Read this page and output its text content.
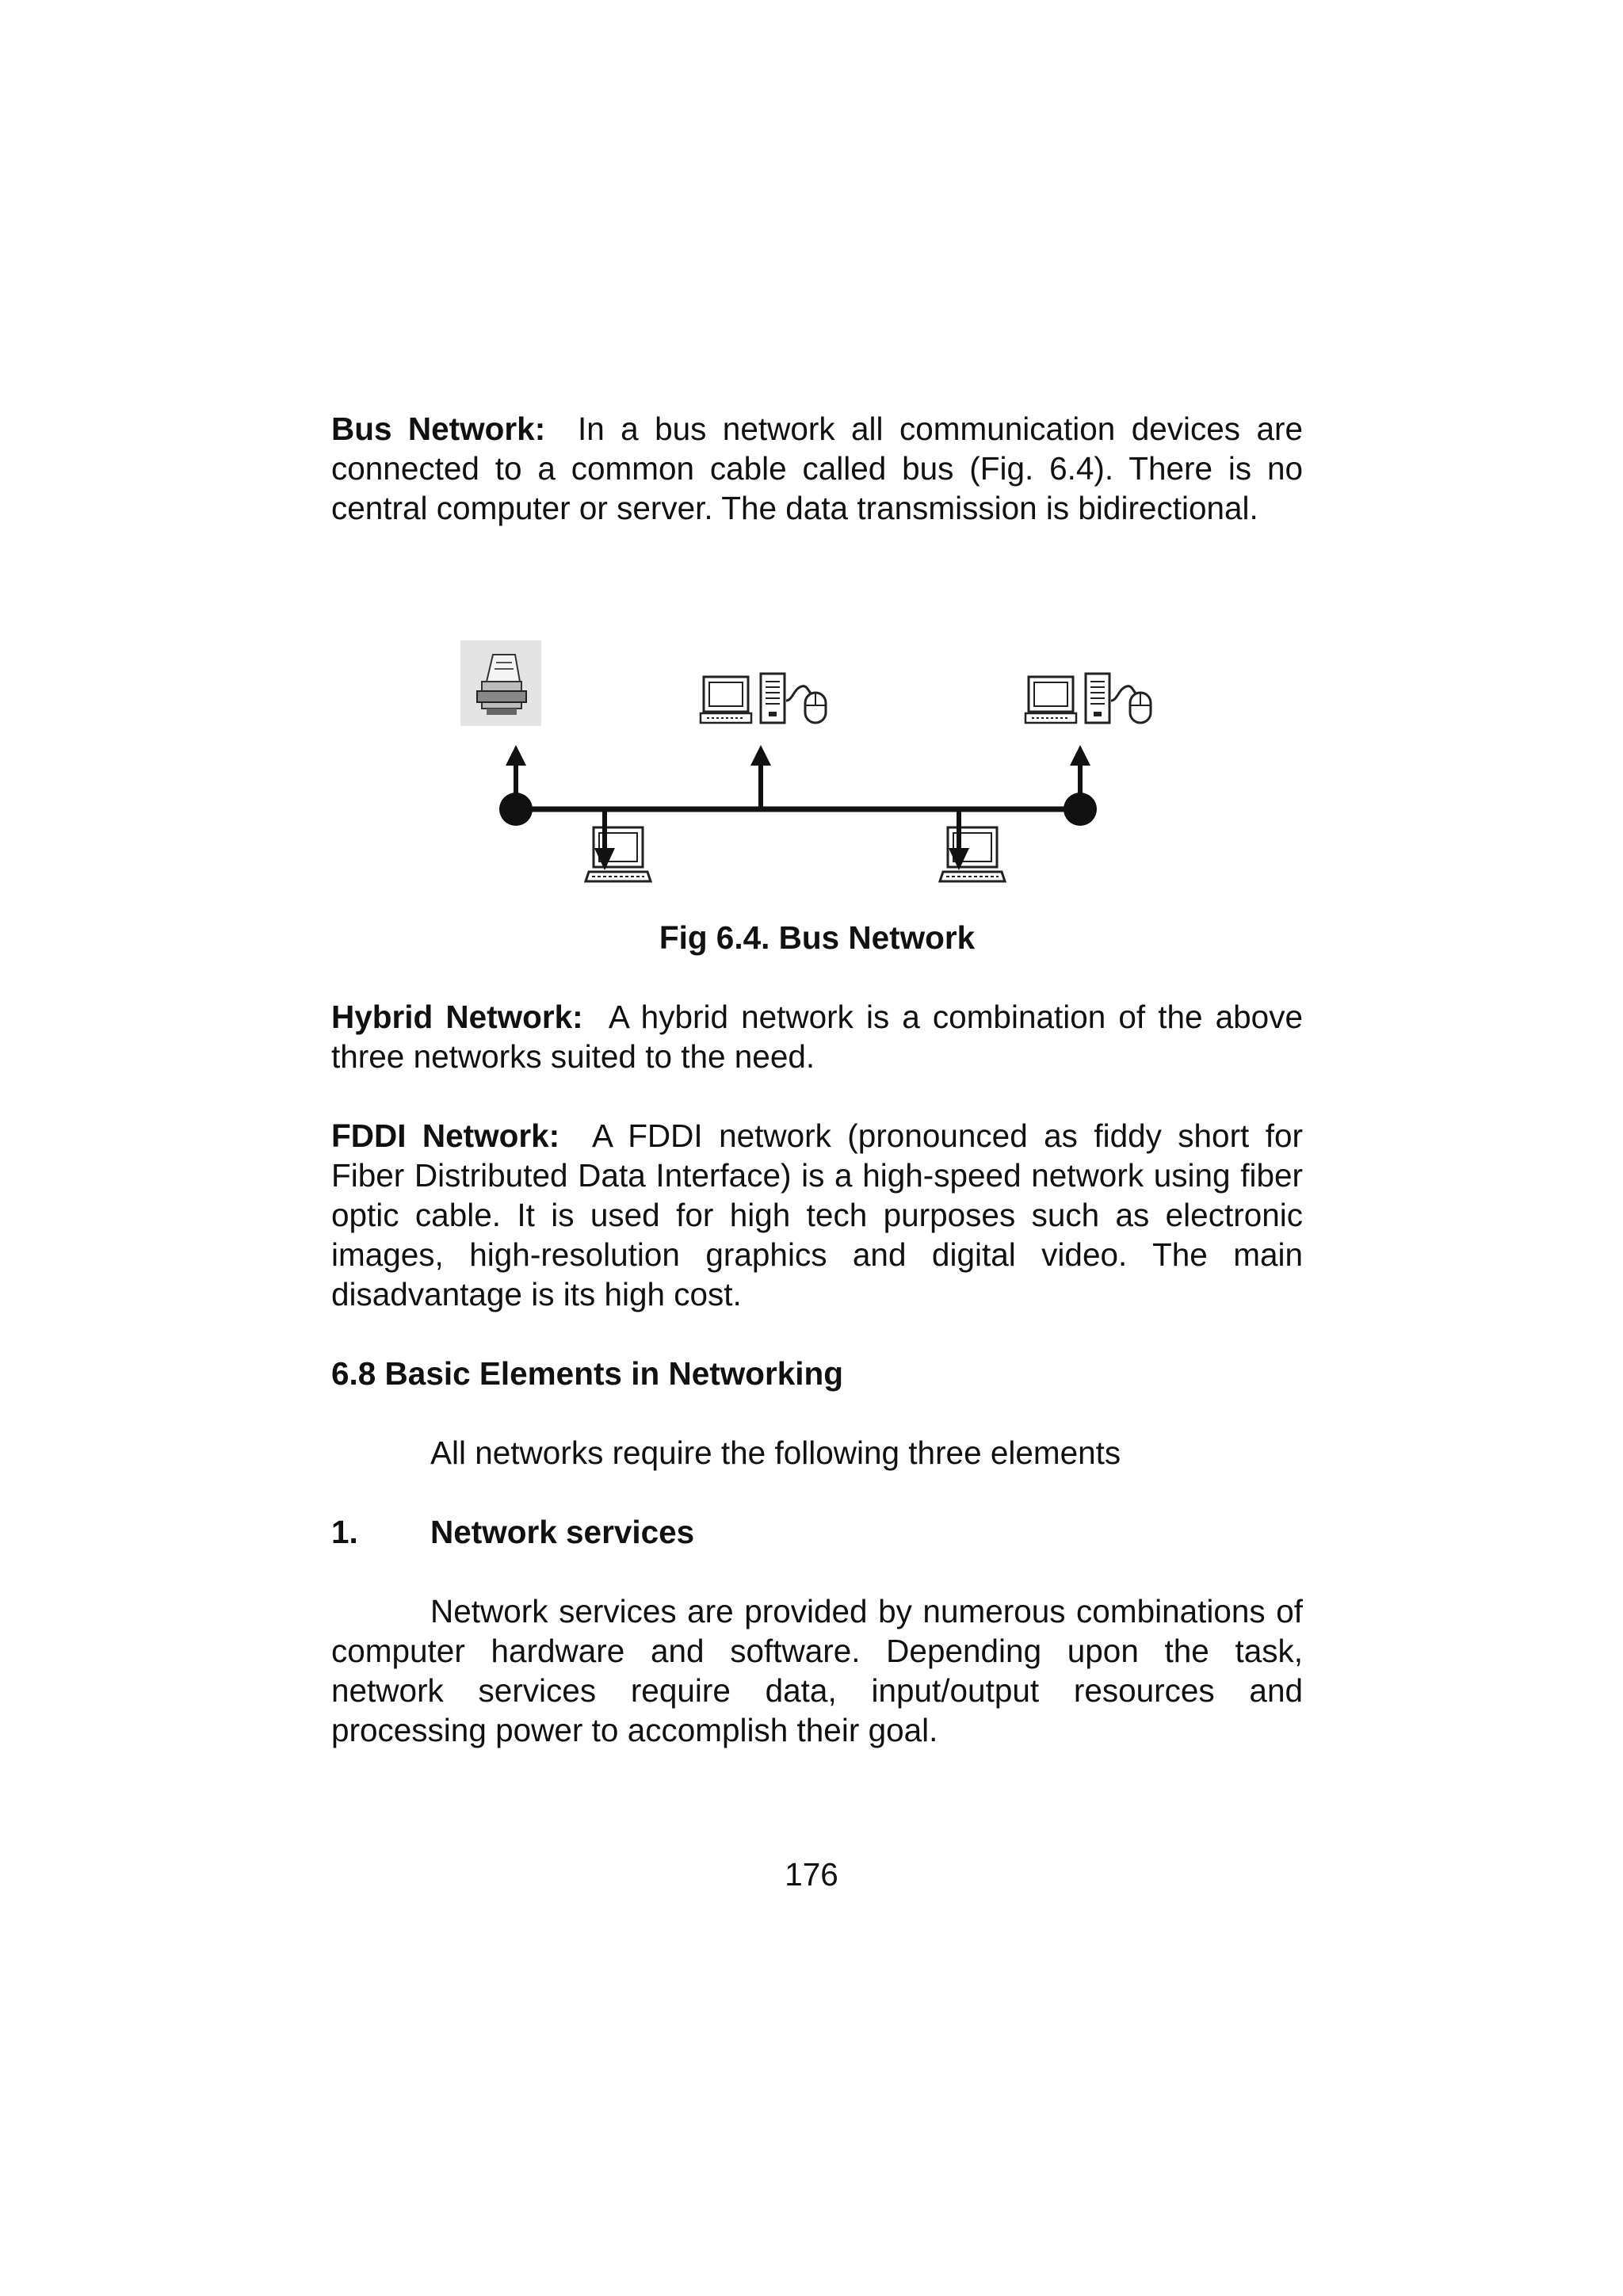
Bus Network: In a bus network all communication devices are connected to a common cable called bus (Fig. 6.4). There is no central computer or server. The data transmission is bidirectional.

Fig 6.4. Bus Network

Hybrid Network: A hybrid network is a combination of the above three networks suited to the need.

FDDI Network: A FDDI network (pronounced as fiddy short for Fiber Distributed Data Interface) is a high-speed network using fiber optic cable. It is used for high tech purposes such as electronic images, high-resolution graphics and digital video. The main disadvantage is its high cost.

6.8 Basic Elements in Networking

All networks require the following three elements

1.	Network services

Network services are provided by numerous combinations of computer hardware and software. Depending upon the task, network services require data, input/output resources and processing power to accomplish their goal.

176
